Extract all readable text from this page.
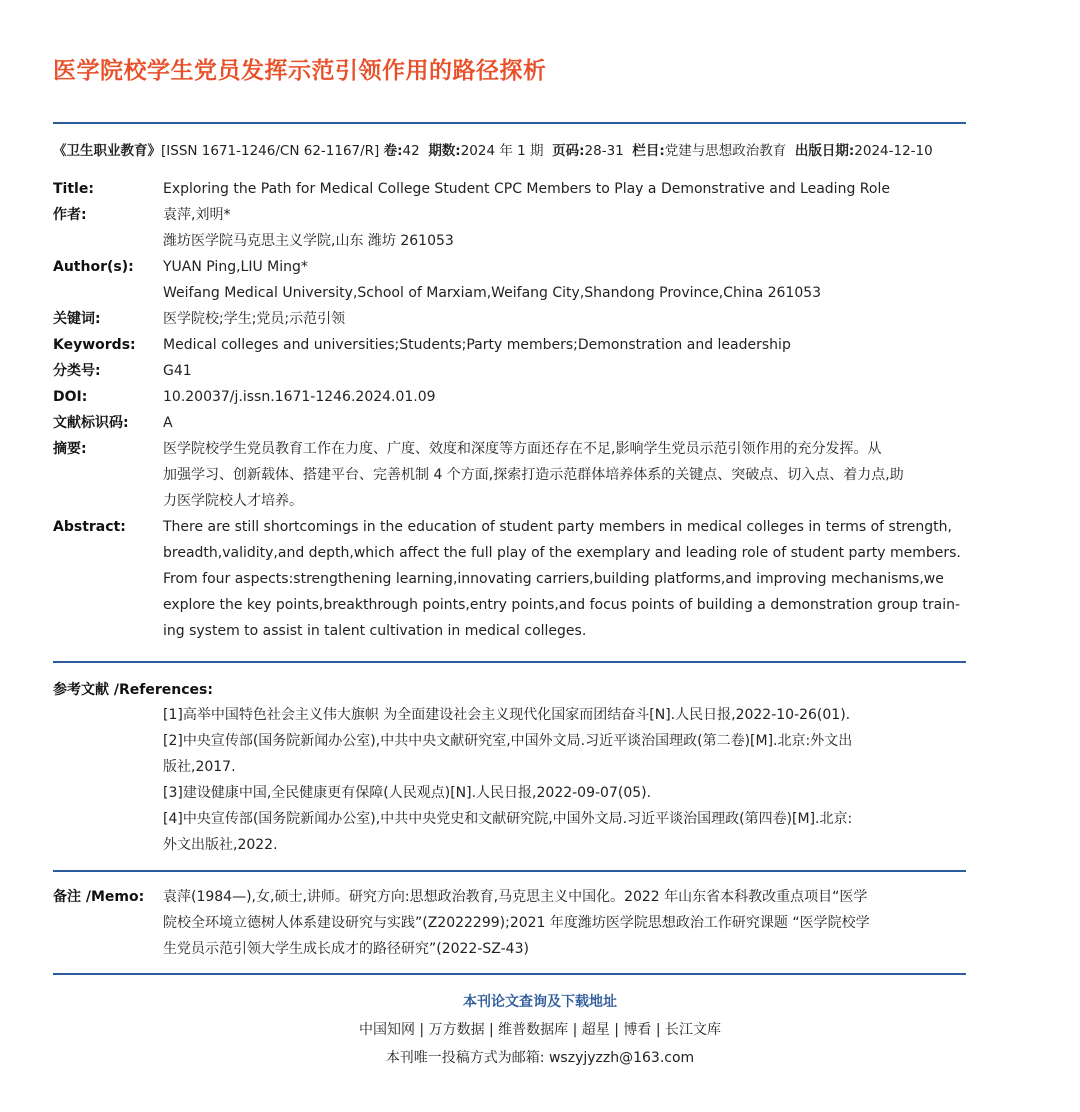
医学院校学生党员发挥示范引领作用的路径探析
《卫生职业教育》[ISSN 1671-1246/CN 62-1167/R] 卷:42 期数:2024 年 1 期 页码:28-31 栏目:党建与思想政治教育 出版日期:2024-12-10
Title:	Exploring the Path for Medical College Student CPC Members to Play a Demonstrative and Leading Role
作者:	袁萍,刘明*
潍坊医学院马克思主义学院,山东 潍坊 261053
Author(s):	YUAN Ping,LIU Ming*
Weifang Medical University,School of Marxiam,Weifang City,Shandong Province,China 261053
关键词:	医学院校;学生;党员;示范引领
Keywords:	Medical colleges and universities;Students;Party members;Demonstration and leadership
分类号:	G41
DOI:	10.20037/j.issn.1671-1246.2024.01.09
文献标识码:	A
摘要:	医学院校学生党员教育工作在力度、广度、效度和深度等方面还存在不足,影响学生党员示范引领作用的充分发挥。从
加强学习、创新载体、搭建平台、完善机制 4 个方面,探索打造示范群体培养体系的关键点、突破点、切入点、着力点,助
力医学院校人才培养。
Abstract:	There are still shortcomings in the education of student party members in medical colleges in terms of strength,
breadth,validity,and depth,which affect the full play of the exemplary and leading role of student party members.
From four aspects:strengthening learning,innovating carriers,building platforms,and improving mechanisms,we
explore the key points,breakthrough points,entry points,and focus points of building a demonstration group train-
ing system to assist in talent cultivation in medical colleges.
参考文献 /References:
[1]高举中国特色社会主义伟大旗帜 为全面建设社会主义现代化国家而团结奋斗[N].人民日报,2022-10-26(01).
[2]中央宣传部(国务院新闻办公室),中共中央文献研究室,中国外文局.习近平谈治国理政(第二卷)[M].北京:外文出
版社,2017.
[3]建设健康中国,全民健康更有保障(人民观点)[N].人民日报,2022-09-07(05).
[4]中央宣传部(国务院新闻办公室),中共中央党史和文献研究院,中国外文局.习近平谈治国理政(第四卷)[M].北京:
外文出版社,2022.
备注 /Memo:	袁萍(1984—),女,硕士,讲师。研究方向:思想政治教育,马克思主义中国化。2022 年山东省本科教改重点项目“医学
院校全环境立德树人体系建设研究与实践”(Z2022299);2021 年度潍坊医学院思想政治工作研究课题 “医学院校学
生党员示范引领大学生成长成才的路径研究”(2022-SZ-43)
本刊论文查询及下载地址
中国知网 | 万方数据 | 维普数据库 | 超星 | 博看 | 长江文库
本刊唯一投稿方式为邮箱: wszyjyzzh@163.com
